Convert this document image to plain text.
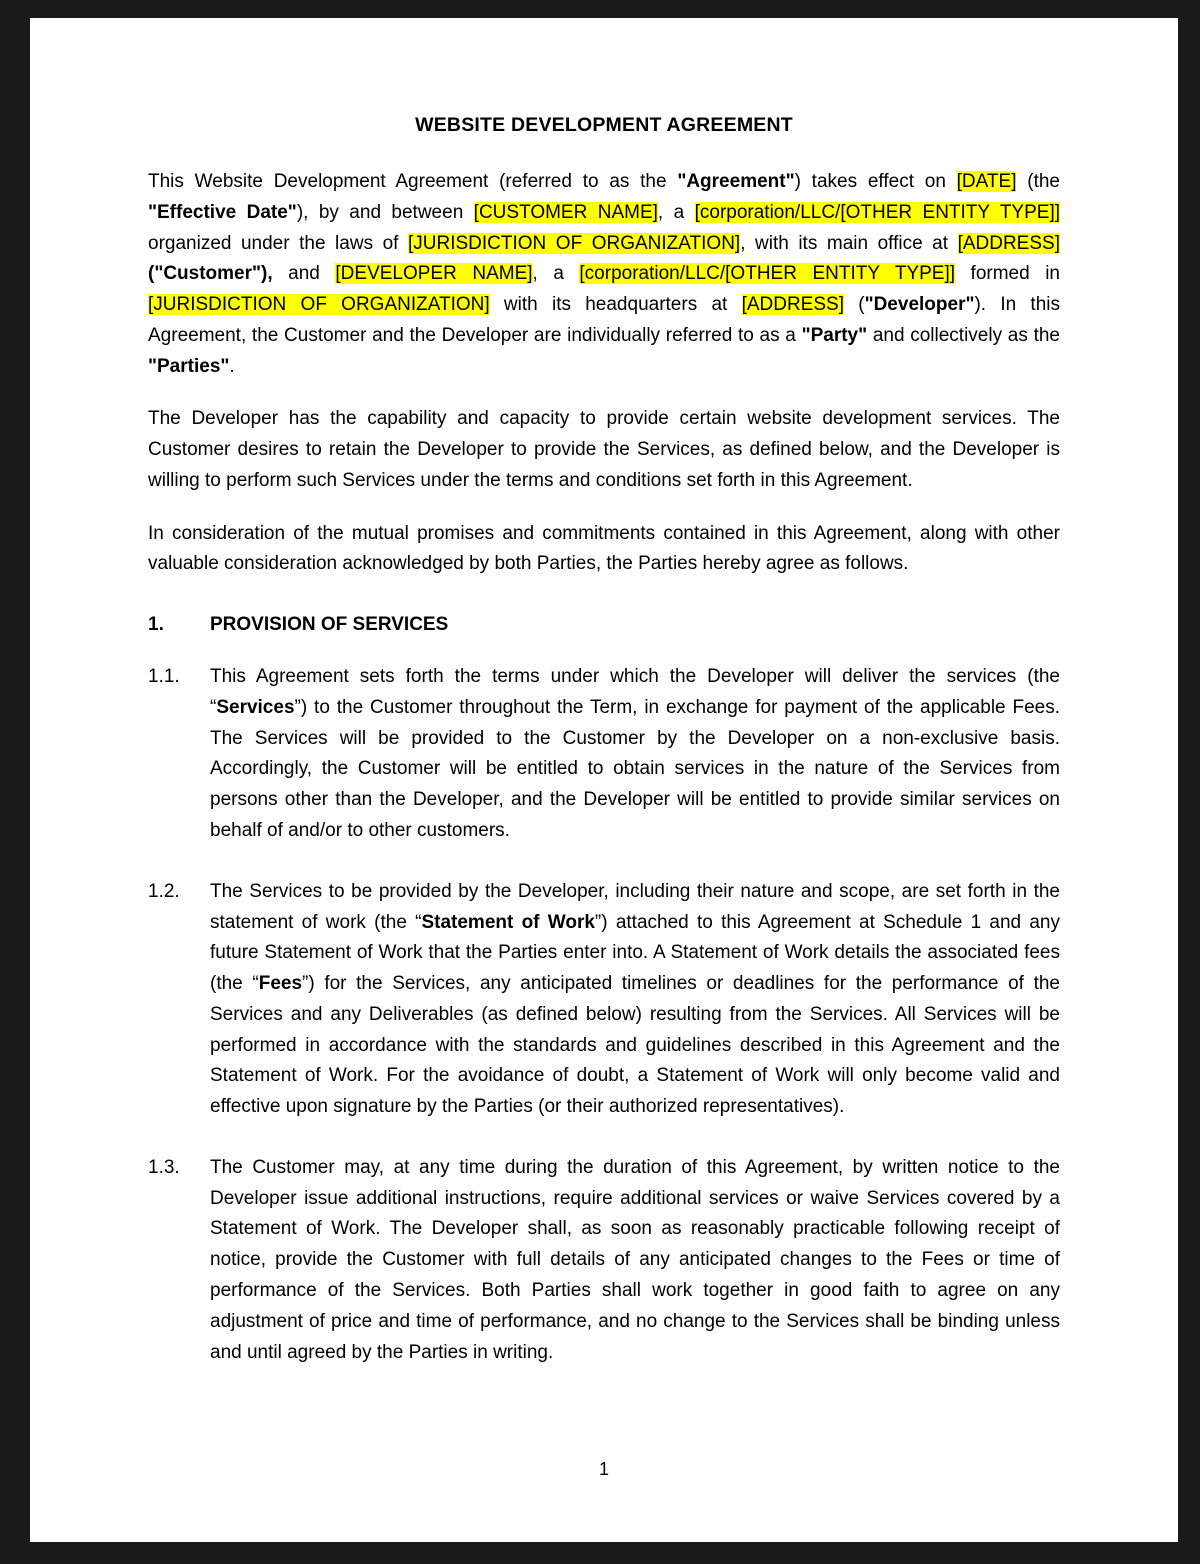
WEBSITE DEVELOPMENT AGREEMENT

This Website Development Agreement (referred to as the "Agreement") takes effect on [DATE] (the "Effective Date"), by and between [CUSTOMER NAME], a [corporation/LLC/[OTHER ENTITY TYPE]] organized under the laws of [JURISDICTION OF ORGANIZATION], with its main office at [ADDRESS] ("Customer"), and [DEVELOPER NAME], a [corporation/LLC/[OTHER ENTITY TYPE]] formed in [JURISDICTION OF ORGANIZATION] with its headquarters at [ADDRESS] ("Developer"). In this Agreement, the Customer and the Developer are individually referred to as a "Party" and collectively as the "Parties".

The Developer has the capability and capacity to provide certain website development services. The Customer desires to retain the Developer to provide the Services, as defined below, and the Developer is willing to perform such Services under the terms and conditions set forth in this Agreement.

In consideration of the mutual promises and commitments contained in this Agreement, along with other valuable consideration acknowledged by both Parties, the Parties hereby agree as follows.

1.	PROVISION OF SERVICES
1.1.	This Agreement sets forth the terms under which the Developer will deliver the services (the “Services”) to the Customer throughout the Term, in exchange for payment of the applicable Fees. The Services will be provided to the Customer by the Developer on a non-exclusive basis. Accordingly, the Customer will be entitled to obtain services in the nature of the Services from persons other than the Developer, and the Developer will be entitled to provide similar services on behalf of and/or to other customers.
1.2.	The Services to be provided by the Developer, including their nature and scope, are set forth in the statement of work (the “Statement of Work”) attached to this Agreement at Schedule 1 and any future Statement of Work that the Parties enter into. A Statement of Work details the associated fees (the “Fees”) for the Services, any anticipated timelines or deadlines for the performance of the Services and any Deliverables (as defined below) resulting from the Services. All Services will be performed in accordance with the standards and guidelines described in this Agreement and the Statement of Work. For the avoidance of doubt, a Statement of Work will only become valid and effective upon signature by the Parties (or their authorized representatives).
1.3.	The Customer may, at any time during the duration of this Agreement, by written notice to the Developer issue additional instructions, require additional services or waive Services covered by a Statement of Work. The Developer shall, as soon as reasonably practicable following receipt of notice, provide the Customer with full details of any anticipated changes to the Fees or time of performance of the Services. Both Parties shall work together in good faith to agree on any adjustment of price and time of performance, and no change to the Services shall be binding unless and until agreed by the Parties in writing.
1
